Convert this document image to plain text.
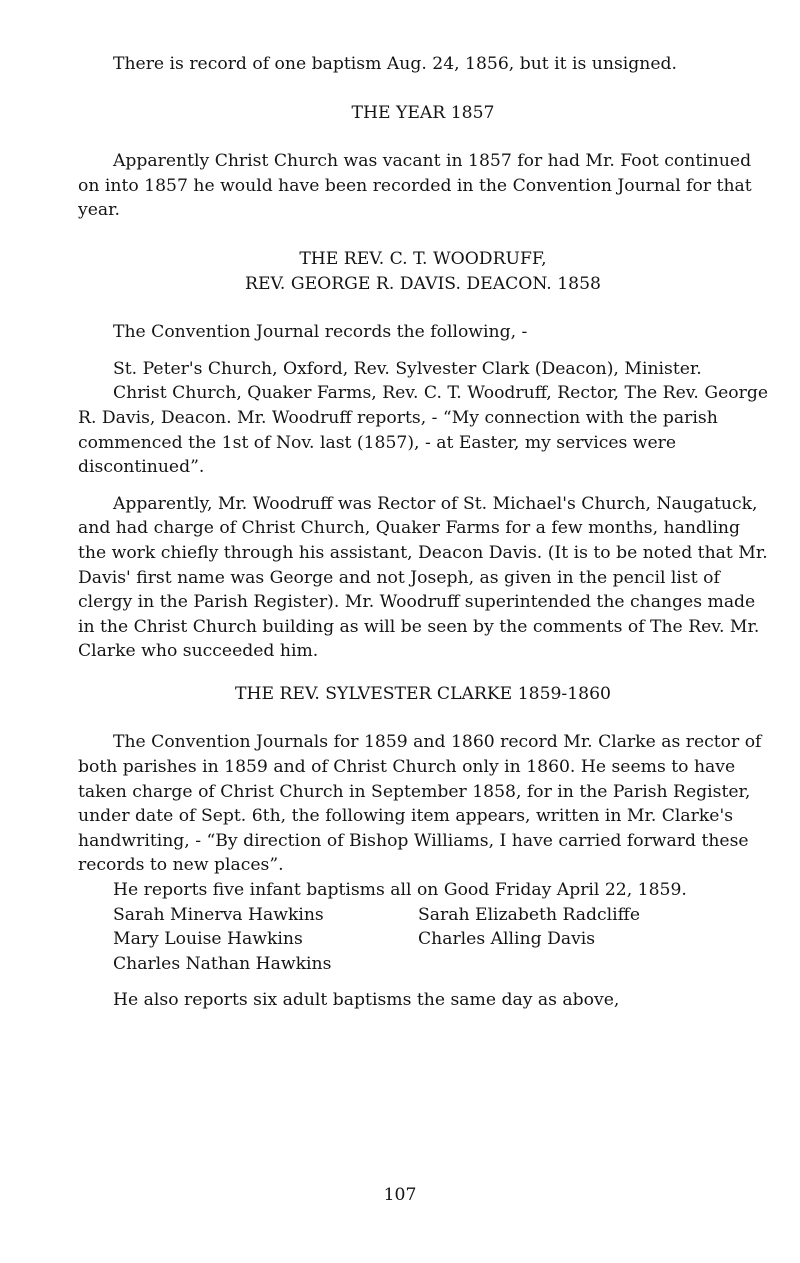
There is record of one baptism Aug. 24, 1856, but it is unsigned.

THE YEAR 1857

Apparently Christ Church was vacant in 1857 for had Mr. Foot continued on into 1857 he would have been recorded in the Convention Journal for that year.

THE REV. C. T. WOODRUFF,

REV. GEORGE R. DAVIS. DEACON. 1858

The Convention Journal records the following, -

St. Peter's Church, Oxford, Rev. Sylvester Clark (Deacon), Minister.

Christ Church, Quaker Farms, Rev. C. T. Woodruff, Rector, The Rev. George R. Davis, Deacon. Mr. Woodruff reports, - “My connection with the parish commenced the 1st of Nov. last (1857), - at Easter, my services were discontinued”.

Apparently, Mr. Woodruff was Rector of St. Michael's Church, Naugatuck, and had charge of Christ Church, Quaker Farms for a few months, handling the work chiefly through his assistant, Deacon Davis. (It is to be noted that Mr. Davis' first name was George and not Joseph, as given in the pencil list of clergy in the Parish Register). Mr. Woodruff superintended the changes made in the Christ Church building as will be seen by the comments of The Rev. Mr. Clarke who succeeded him.

THE REV. SYLVESTER CLARKE 1859-1860

The Convention Journals for 1859 and 1860 record Mr. Clarke as rector of both parishes in 1859 and of Christ Church only in 1860. He seems to have taken charge of Christ Church in September 1858, for in the Parish Register, under date of Sept. 6th, the following item appears, written in Mr. Clarke's handwriting, - “By direction of Bishop Williams, I have carried forward these records to new places”.

He reports five infant baptisms all on Good Friday April 22, 1859.

Sarah Minerva Hawkins	Sarah Elizabeth Radcliffe
Mary Louise Hawkins	Charles Alling Davis
Charles Nathan Hawkins

He also reports six adult baptisms the same day as above,

107
